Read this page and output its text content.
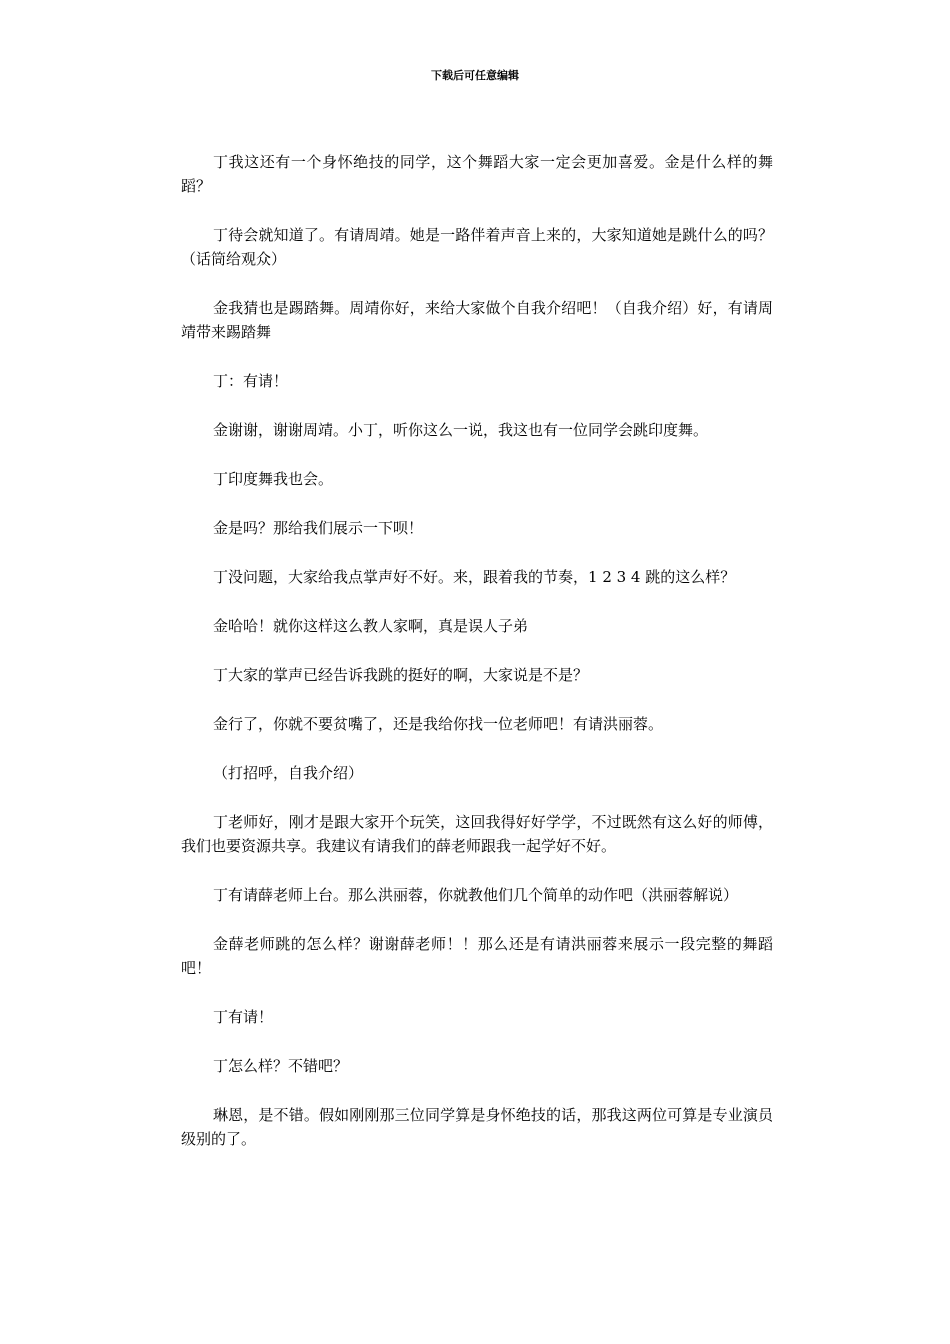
下载后可任意编辑

丁我这还有一个身怀绝技的同学，这个舞蹈大家一定会更加喜爱。金是什么样的舞蹈？

丁待会就知道了。有请周靖。她是一路伴着声音上来的，大家知道她是跳什么的吗？（话筒给观众）

金我猜也是踢踏舞。周靖你好，来给大家做个自我介绍吧！（自我介绍）好，有请周靖带来踢踏舞

丁：有请！

金谢谢，谢谢周靖。小丁，听你这么一说，我这也有一位同学会跳印度舞。

丁印度舞我也会。

金是吗？那给我们展示一下呗！

丁没问题，大家给我点掌声好不好。来，跟着我的节奏，1 2 3 4 跳的这么样？

金哈哈！就你这样这么教人家啊，真是误人子弟

丁大家的掌声已经告诉我跳的挺好的啊，大家说是不是？

金行了，你就不要贫嘴了，还是我给你找一位老师吧！有请洪丽蓉。

（打招呼，自我介绍）

丁老师好，刚才是跟大家开个玩笑，这回我得好好学学，不过既然有这么好的师傅，我们也要资源共享。我建议有请我们的薛老师跟我一起学好不好。

丁有请薛老师上台。那么洪丽蓉，你就教他们几个简单的动作吧（洪丽蓉解说）

金薛老师跳的怎么样？谢谢薛老师！！那么还是有请洪丽蓉来展示一段完整的舞蹈吧！

丁有请！

丁怎么样？不错吧？

琳恩，是不错。假如刚刚那三位同学算是身怀绝技的话，那我这两位可算是专业演员级别的了。
